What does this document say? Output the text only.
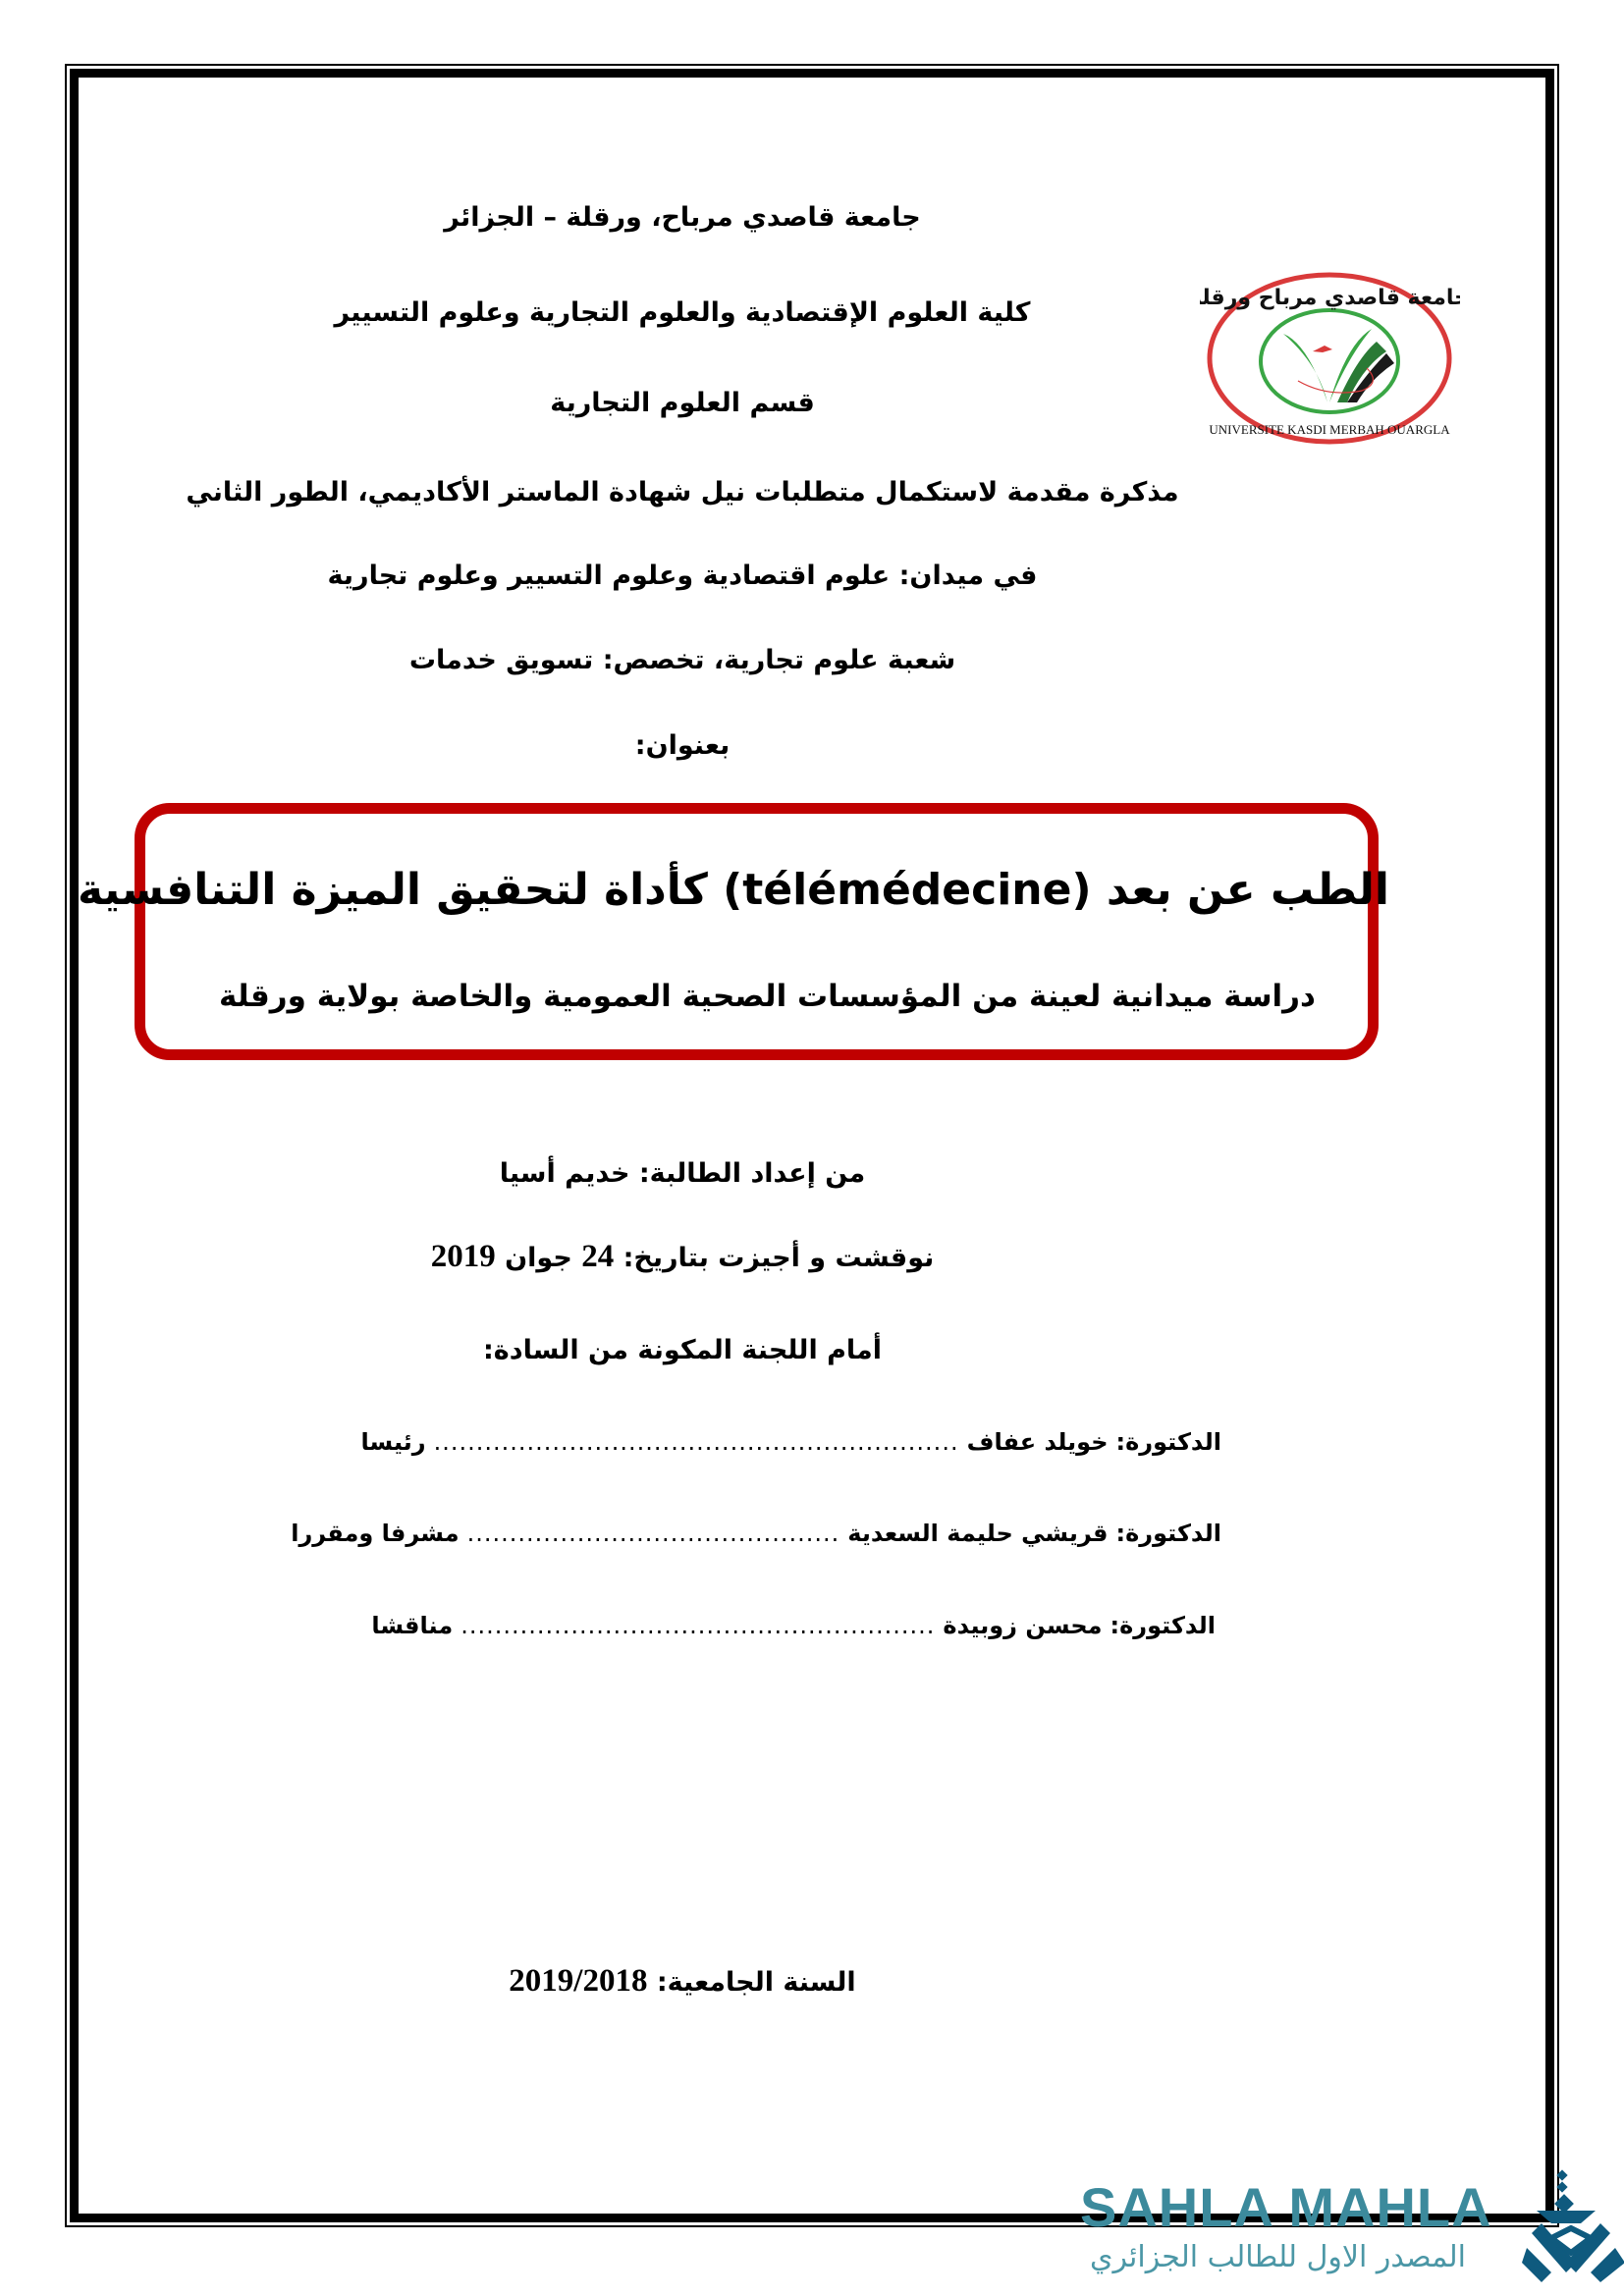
جامعة قاصدي مرباح ورقلة
UNIVERSITE KASDI MERBAH OUARGLA
جامعة قاصدي مرباح، ورقلة – الجزائر
كلية العلوم الإقتصادية والعلوم التجارية وعلوم التسيير
قسم العلوم التجارية
مذكرة مقدمة لاستكمال متطلبات نيل شهادة الماستر الأكاديمي، الطور الثاني
في ميدان: علوم اقتصادية وعلوم التسيير وعلوم تجارية
شعبة علوم تجارية، تخصص: تسويق خدمات
بعنوان:
الطب عن بعد (télémédecine) كأداة لتحقيق الميزة التنافسية
دراسة ميدانية لعينة من المؤسسات الصحية العمومية والخاصة بولاية ورقلة
من إعداد الطالبة: خديم أسيا
نوقشت و أجيزت بتاريخ: 24 جوان 2019
أمام اللجنة المكونة من السادة:
الدكتورة:
خويلد عفاف
..............................................................
رئيسا
الدكتورة:
قريشي حليمة السعدية
............................................
مشرفا ومقررا
الدكتورة:
محسن زوبيدة
........................................................
مناقشا
السنة الجامعية: 2019/2018
SAHLA MAHLA
المصدر الاول للطالب الجزائري
